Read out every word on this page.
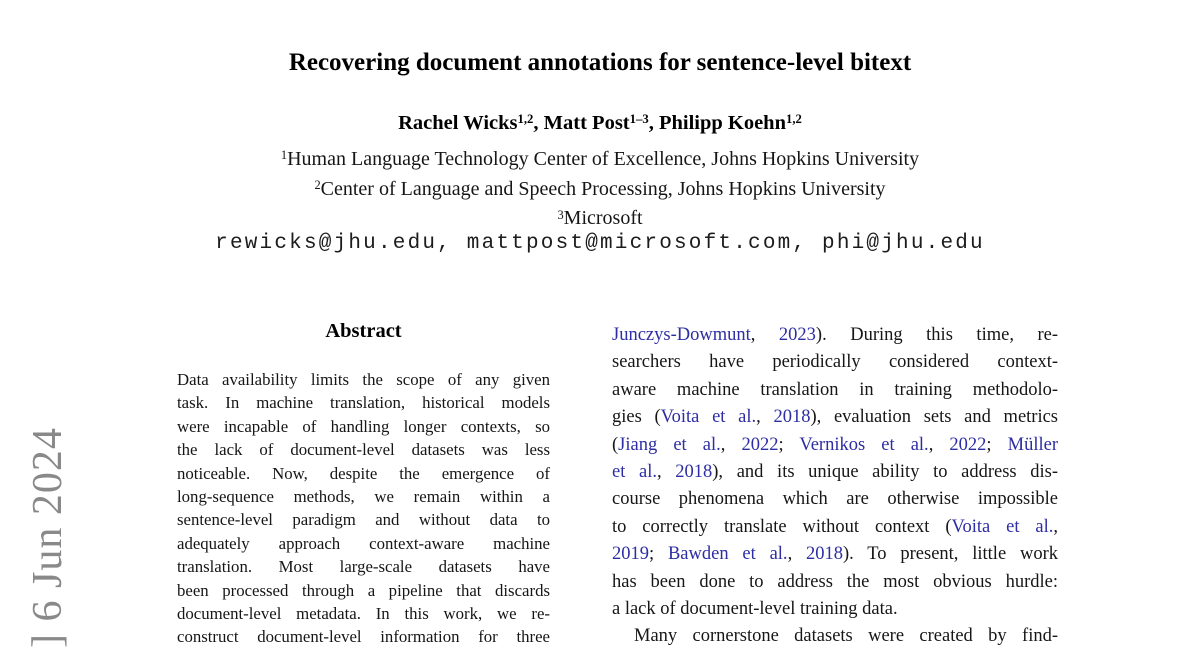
] 6 Jun 2024
Recovering document annotations for sentence-level bitext
Rachel Wicks$^{1,2}$, Matt Post$^{1-3}$, Philipp Koehn$^{1,2}$
$^1$Human Language Technology Center of Excellence, Johns Hopkins University
$^2$Center of Language and Speech Processing, Johns Hopkins University
$^3$Microsoft
rewicks@jhu.edu, mattpost@microsoft.com, phi@jhu.edu
Abstract
Data availability limits the scope of any given
task. In machine translation, historical models
were incapable of handling longer contexts, so
the lack of document-level datasets was less
noticeable. Now, despite the emergence of
long-sequence methods, we remain within a
sentence-level paradigm and without data to
adequately approach context-aware machine
translation. Most large-scale datasets have
been processed through a pipeline that discards
document-level metadata. In this work, we re-
construct document-level information for three
Junczys-Dowmunt, 2023). During this time, re-
searchers have periodically considered context-
aware machine translation in training methodolo-
gies (Voita et al., 2018), evaluation sets and metrics
(Jiang et al., 2022; Vernikos et al., 2022; Müller
et al., 2018), and its unique ability to address dis-
course phenomena which are otherwise impossible
to correctly translate without context (Voita et al.,
2019; Bawden et al., 2018). To present, little work
has been done to address the most obvious hurdle:
a lack of document-level training data.
Many cornerstone datasets were created by find-
